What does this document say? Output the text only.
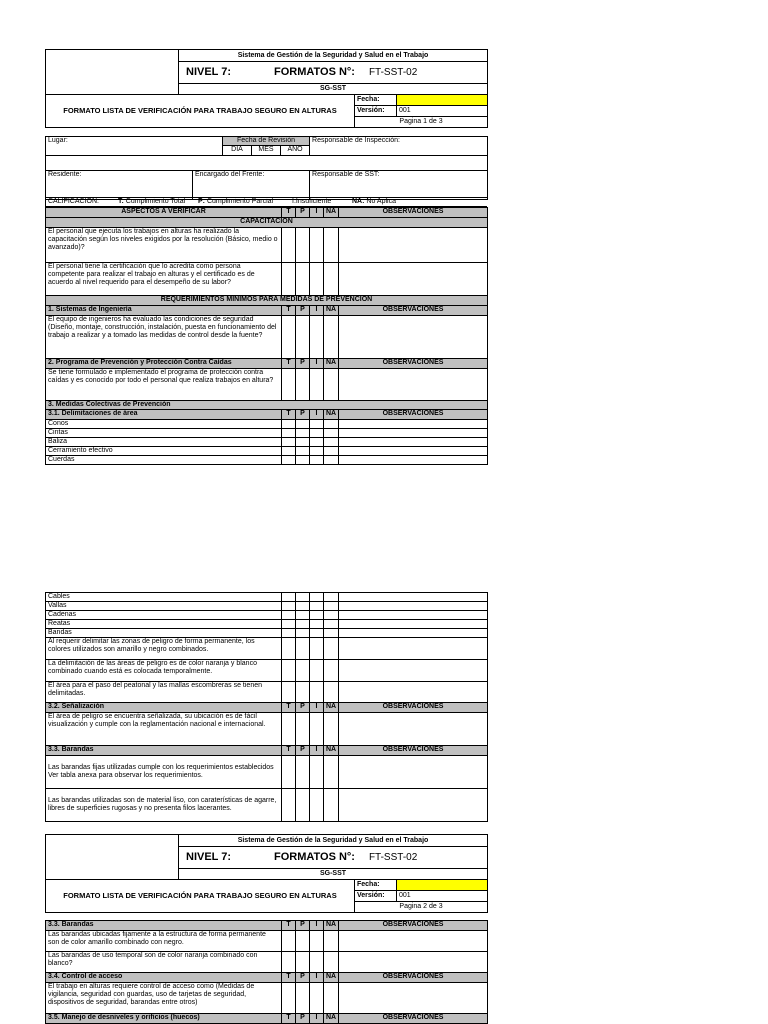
	Sistema de Gestión de la Seguridad y Salud en el Trabajo		
	NIVEL 7: FORMATOS N°: FT-SST-02		
	SG-SST		
FORMATO LISTA DE VERIFICACIÓN PARA TRABAJO SEGURO EN ALTURAS		Fecha:	
		Versión:	001
		Pagina 1 de 3	
Lugar:		Fecha de Revisión			Responsable de Inspección:
		DIA	MES	AÑO	

Residente:	Encargado del Frente:				Responsable de SST:
CALIFICACIÓN:	T: Cumplimiento Total P: Cumplimiento Parcial	I:Insuficiente	NA: No Aplica
ASPECTOS A VERIFICAR	T	P	I	NA	OBSERVACIONES
CAPACITACIÓN					
El personal que ejecuta los trabajos en alturas ha realizado la capacitación según los niveles exigidos por la resolución (Básico, medio o avanzado)?					
El personal tiene la certificación que lo acredita como persona competente para realizar el trabajo en alturas y el certificado es de acuerdo al nivel requerido para el desempeño de su labor?					
REQUERIMIENTOS MINIMOS PARA MEDIDAS DE PREVENCION					
1. Sistemas de Ingeniería	T	P	I	NA	OBSERVACIONES
El equipo de ingenieros ha evaluado las condiciones de seguridad (Diseño, montaje, construcción, instalación, puesta en funcionamiento del trabajo a realizar y a tomado las medidas de control desde la fuente?					
2. Programa de Prevención y Protección Contra Caídas	T	P	I	NA	OBSERVACIONES
Se tiene formulado e implementado el programa de protección contra caídas y es conocido por todo el personal que realiza trabajos en altura?					
3. Medidas Colectivas de Prevención					
3.1. Delimitaciones de área	T	P	I	NA	OBSERVACIONES
Conos					
Cintas					
Baliza					
Cerramiento efectivo					
Cuerdas					
Cables					
Vallas					
Cadenas					
Reatas					
Bandas					
Al requerir delimitar las zonas de peligro de forma permanente, los colores utilizados son amarillo y negro combinados.					
La delimitación de las áreas de peligro es de color naranja y blanco combinado cuando está es colocada temporalmente.					
El área para el paso del peatonal y las mallas escombreras se tienen delimitadas.					
3.2. Señalización	T	P	I	NA	OBSERVACIONES
El área de peligro se encuentra señalizada, su ubicación es de fácil visualización y cumple con la reglamentación nacional e internacional.					
3.3. Barandas	T	P	I	NA	OBSERVACIONES
Las barandas fijas utilizadas cumple con los requerimientos establecidos Ver tabla anexa para observar los requerimientos.					
Las barandas utilizadas son de material liso, con caraterísticas de agarre, libres de superficies rugosas y no presenta filos lacerantes.					
	Sistema de Gestión de la Seguridad y Salud en el Trabajo		
	NIVEL 7: FORMATOS N°: FT-SST-02		
	SG-SST		
FORMATO LISTA DE VERIFICACIÓN PARA TRABAJO SEGURO EN ALTURAS		Fecha:	
		Versión:	001
		Pagina 2 de 3	
3.3. Barandas	T	P	I	NA	OBSERVACIONES
Las barandas ubicadas fijamente a la estructura de forma permanente son de color amarillo combinado con negro.					
Las barandas de uso temporal son de color naranja combinado con blanco?					
3.4. Control de acceso	T	P	I	NA	OBSERVACIONES
El trabajo en alturas requiere control de acceso como (Medidas de vigilancia, seguridad con guardas, uso de tarjetas de seguridad, dispositivos de seguridad, barandas entre otros)					
3.5. Manejo de desniveles y orificios (huecos)	T	P	I	NA	OBSERVACIONES
